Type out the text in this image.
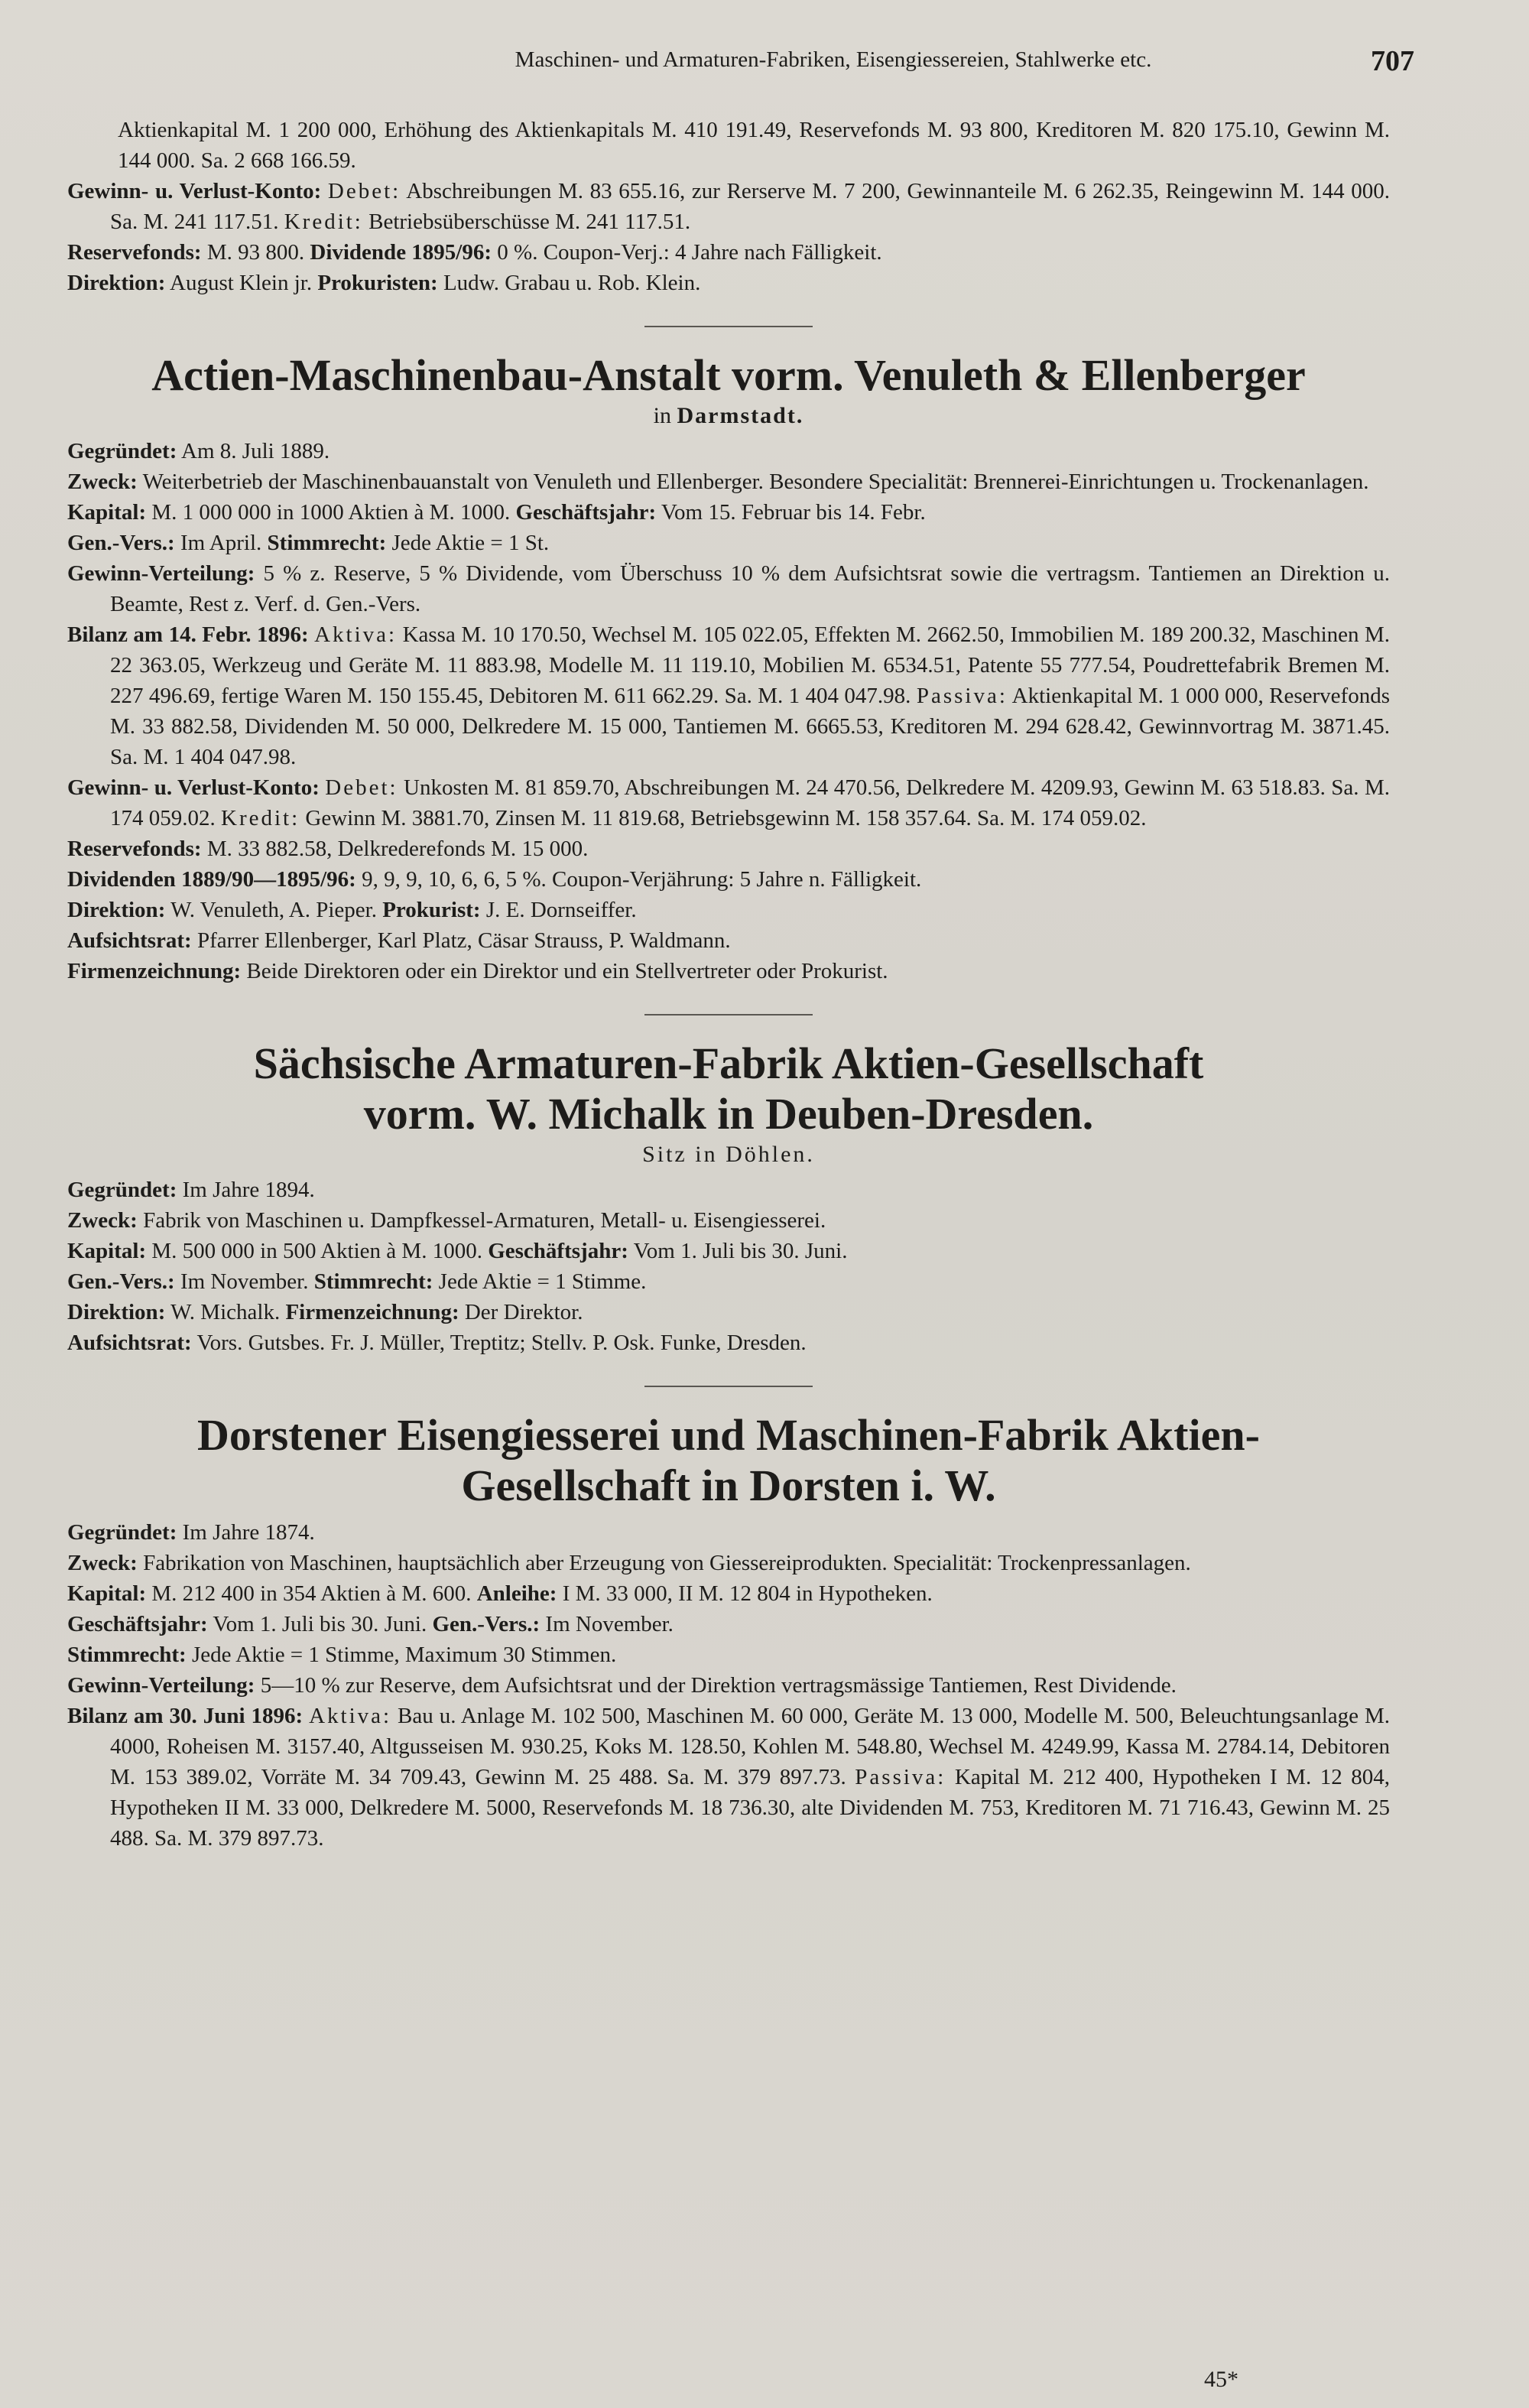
Maschinen- und Armaturen-Fabriken, Eisengiessereien, Stahlwerke etc.	707

Aktienkapital M. 1 200 000, Erhöhung des Aktienkapitals M. 410 191.49, Reservefonds M. 93 800, Kreditoren M. 820 175.10, Gewinn M. 144 000. Sa. 2 668 166.59.

Gewinn- u. Verlust-Konto: Debet: Abschreibungen M. 83 655.16, zur Rerserve M. 7 200, Gewinnanteile M. 6 262.35, Reingewinn M. 144 000. Sa. M. 241 117.51. Kredit: Betriebsüberschüsse M. 241 117.51.

Reservefonds: M. 93 800. Dividende 1895/96: 0 %. Coupon-Verj.: 4 Jahre nach Fälligkeit.

Direktion: August Klein jr. Prokuristen: Ludw. Grabau u. Rob. Klein.

Actien-Maschinenbau-Anstalt vorm. Venuleth & Ellenberger

in Darmstadt.

Gegründet: Am 8. Juli 1889.

Zweck: Weiterbetrieb der Maschinenbauanstalt von Venuleth und Ellenberger. Besondere Specialität: Brennerei-Einrichtungen u. Trockenanlagen.

Kapital: M. 1 000 000 in 1000 Aktien à M. 1000. Geschäftsjahr: Vom 15. Februar bis 14. Febr.

Gen.-Vers.: Im April. Stimmrecht: Jede Aktie = 1 St.

Gewinn-Verteilung: 5 % z. Reserve, 5 % Dividende, vom Überschuss 10 % dem Aufsichtsrat sowie die vertragsm. Tantiemen an Direktion u. Beamte, Rest z. Verf. d. Gen.-Vers.

Bilanz am 14. Febr. 1896: Aktiva: Kassa M. 10 170.50, Wechsel M. 105 022.05, Effekten M. 2662.50, Immobilien M. 189 200.32, Maschinen M. 22 363.05, Werkzeug und Geräte M. 11 883.98, Modelle M. 11 119.10, Mobilien M. 6534.51, Patente 55 777.54, Poudrettefabrik Bremen M. 227 496.69, fertige Waren M. 150 155.45, Debitoren M. 611 662.29. Sa. M. 1 404 047.98. Passiva: Aktienkapital M. 1 000 000, Reservefonds M. 33 882.58, Dividenden M. 50 000, Delkredere M. 15 000, Tantiemen M. 6665.53, Kreditoren M. 294 628.42, Gewinnvortrag M. 3871.45. Sa. M. 1 404 047.98.

Gewinn- u. Verlust-Konto: Debet: Unkosten M. 81 859.70, Abschreibungen M. 24 470.56, Delkredere M. 4209.93, Gewinn M. 63 518.83. Sa. M. 174 059.02. Kredit: Gewinn M. 3881.70, Zinsen M. 11 819.68, Betriebsgewinn M. 158 357.64. Sa. M. 174 059.02.

Reservefonds: M. 33 882.58, Delkrederefonds M. 15 000.

Dividenden 1889/90—1895/96: 9, 9, 9, 10, 6, 6, 5 %. Coupon-Verjährung: 5 Jahre n. Fälligkeit.

Direktion: W. Venuleth, A. Pieper. Prokurist: J. E. Dornseiffer.

Aufsichtsrat: Pfarrer Ellenberger, Karl Platz, Cäsar Strauss, P. Waldmann.

Firmenzeichnung: Beide Direktoren oder ein Direktor und ein Stellvertreter oder Prokurist.

Sächsische Armaturen-Fabrik Aktien-Gesellschaft
vorm. W. Michalk in Deuben-Dresden.

Sitz in Döhlen.

Gegründet: Im Jahre 1894.

Zweck: Fabrik von Maschinen u. Dampfkessel-Armaturen, Metall- u. Eisengiesserei.

Kapital: M. 500 000 in 500 Aktien à M. 1000. Geschäftsjahr: Vom 1. Juli bis 30. Juni.

Gen.-Vers.: Im November. Stimmrecht: Jede Aktie = 1 Stimme.

Direktion: W. Michalk. Firmenzeichnung: Der Direktor.

Aufsichtsrat: Vors. Gutsbes. Fr. J. Müller, Treptitz; Stellv. P. Osk. Funke, Dresden.

Dorstener Eisengiesserei und Maschinen-Fabrik Aktien-
Gesellschaft in Dorsten i. W.

Gegründet: Im Jahre 1874.

Zweck: Fabrikation von Maschinen, hauptsächlich aber Erzeugung von Giessereiprodukten. Specialität: Trockenpressanlagen.

Kapital: M. 212 400 in 354 Aktien à M. 600. Anleihe: I M. 33 000, II M. 12 804 in Hypotheken.

Geschäftsjahr: Vom 1. Juli bis 30. Juni. Gen.-Vers.: Im November.

Stimmrecht: Jede Aktie = 1 Stimme, Maximum 30 Stimmen.

Gewinn-Verteilung: 5—10 % zur Reserve, dem Aufsichtsrat und der Direktion vertragsmässige Tantiemen, Rest Dividende.

Bilanz am 30. Juni 1896: Aktiva: Bau u. Anlage M. 102 500, Maschinen M. 60 000, Geräte M. 13 000, Modelle M. 500, Beleuchtungsanlage M. 4000, Roheisen M. 3157.40, Altgusseisen M. 930.25, Koks M. 128.50, Kohlen M. 548.80, Wechsel M. 4249.99, Kassa M. 2784.14, Debitoren M. 153 389.02, Vorräte M. 34 709.43, Gewinn M. 25 488. Sa. M. 379 897.73. Passiva: Kapital M. 212 400, Hypotheken I M. 12 804, Hypotheken II M. 33 000, Delkredere M. 5000, Reservefonds M. 18 736.30, alte Dividenden M. 753, Kreditoren M. 71 716.43, Gewinn M. 25 488. Sa. M. 379 897.73.

45*
